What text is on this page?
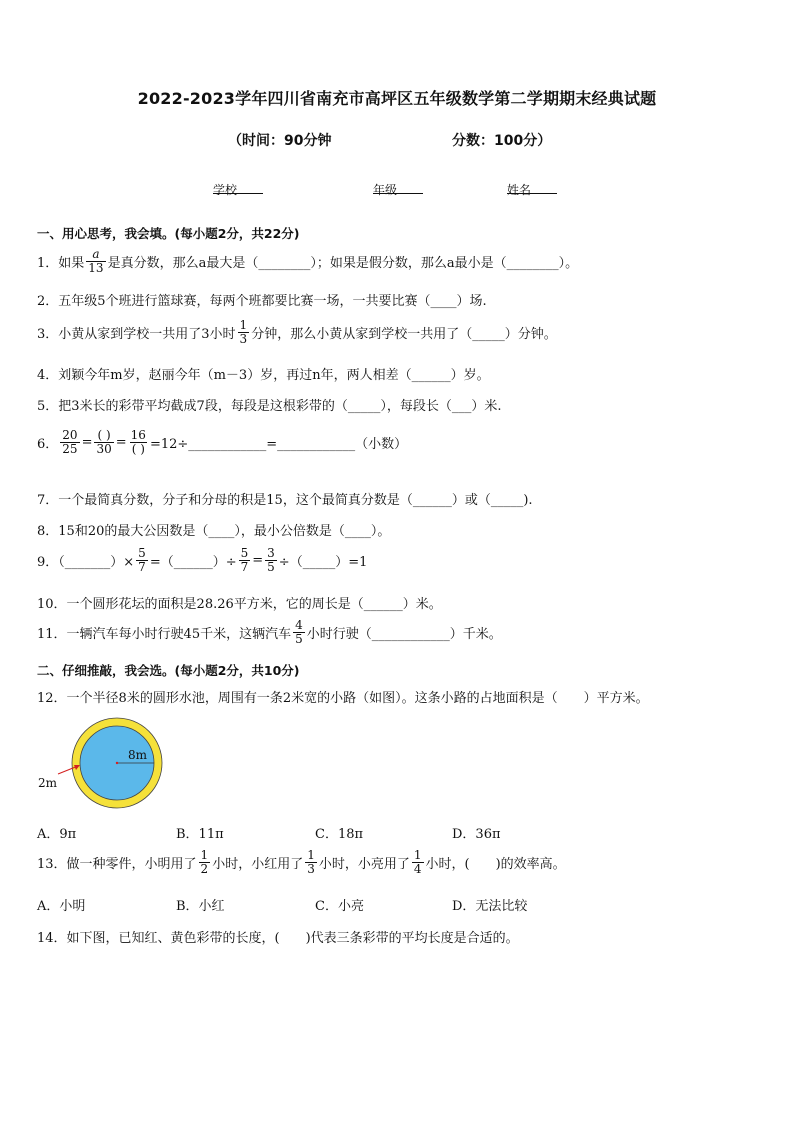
2022-2023学年四川省南充市高坪区五年级数学第二学期期末经典试题
（时间：90分钟	分数：100分）
学校	年级	姓名
一、用心思考，我会填。(每小题2分，共22分)
1．如果 $\frac{a}{13}$ 是真分数，那么a最大是（________）；如果是假分数，那么a最小是（________）。
2．五年级5个班进行篮球赛，每两个班都要比赛一场，一共要比赛（____）场.
3．小黄从家到学校一共用了3小时 $\frac{1}{3}$ 分钟，那么小黄从家到学校一共用了（_____）分钟。
4．刘颖今年m岁，赵丽今年（m－3）岁，再过n年，两人相差（______）岁。
5．把3米长的彩带平均截成7段，每段是这根彩带的（_____），每段长（___）米.
6． $\frac{20}{25} = \frac{( )}{30} = \frac{16}{( )}$ =12÷____________=____________（小数）
7．一个最简真分数，分子和分母的积是15，这个最简真分数是（______）或（_____).
8．15和20的最大公因数是（____），最小公倍数是（____）。
9．（_______）× $\frac{5}{7}$ =（______）÷ $\frac{5}{7} = \frac{3}{5}$ ÷（_____）=1
10．一个圆形花坛的面积是28.26平方米，它的周长是（______）米。
11．一辆汽车每小时行驶45千米，这辆汽车 $\frac{4}{5}$ 小时行驶（____________）千米。
二、仔细推敲，我会选。(每小题2分，共10分)
12．一个半径8米的圆形水池，周围有一条2米宽的小路（如图）。这条小路的占地面积是（　　）平方米。
8m
2m
A．9π	B．11π	C．18π	D．36π
13．做一种零件，小明用了 $\frac{1}{2}$ 小时，小红用了 $\frac{1}{3}$ 小时，小亮用了 $\frac{1}{4}$ 小时，(　　)的效率高。
A．小明	B．小红	C．小亮	D．无法比较
14．如下图，已知红、黄色彩带的长度，(　　)代表三条彩带的平均长度是合适的。
